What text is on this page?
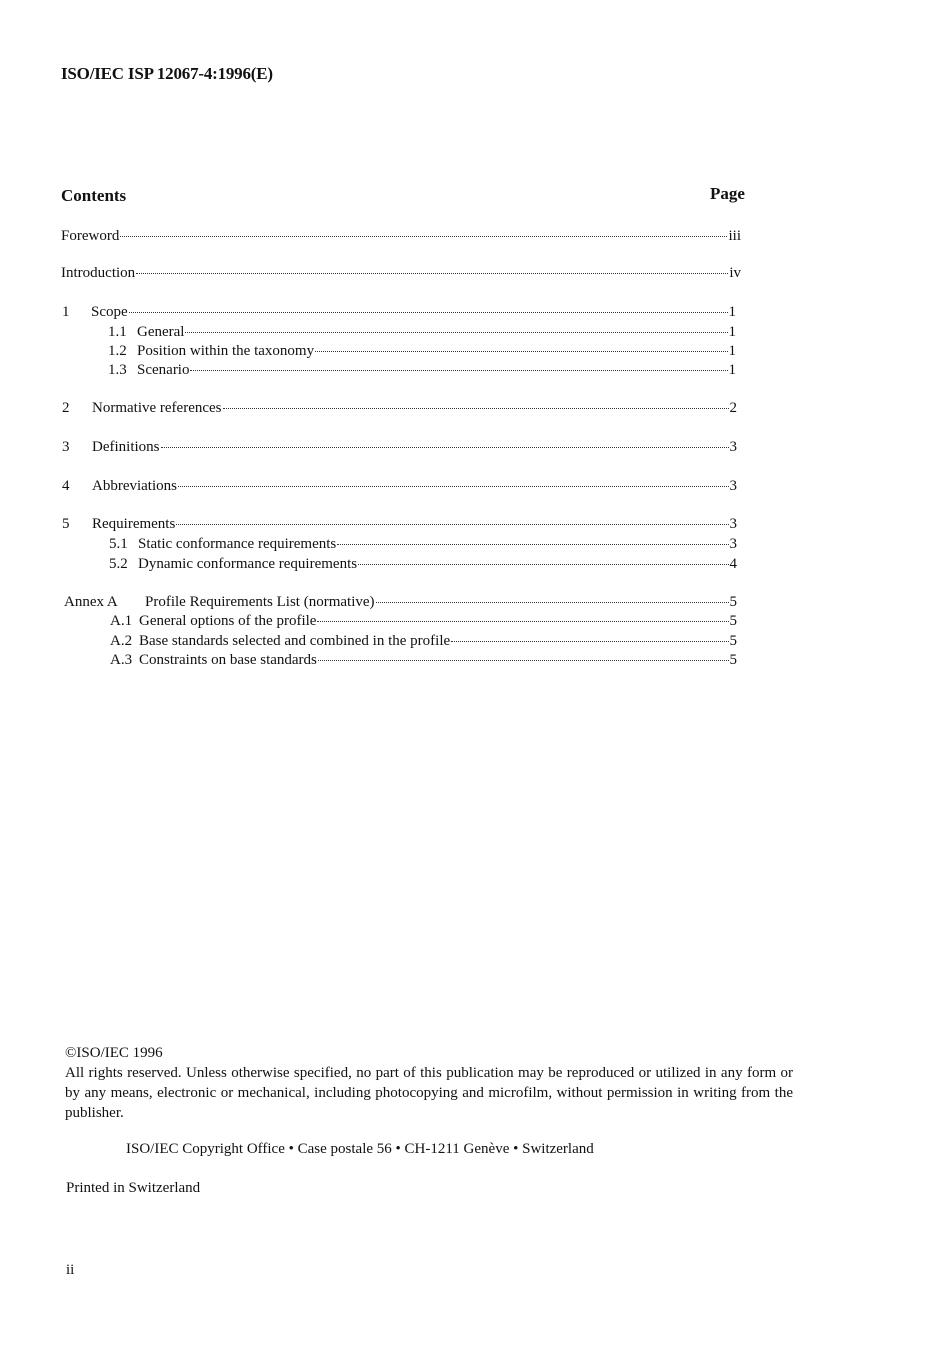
ISO/IEC ISP 12067-4:1996(E)
Contents	Page
Foreword	iii
Introduction	iv
1	Scope	1
1.1 General	1
1.2 Position within the taxonomy	1
1.3 Scenario	1
2	Normative references	2
3	Definitions	3
4	Abbreviations	3
5	Requirements	3
5.1 Static conformance requirements	3
5.2 Dynamic conformance requirements	4
Annex A	Profile Requirements List (normative)	5
A.1 General options of the profile	5
A.2 Base standards selected and combined in the profile	5
A.3 Constraints on base standards	5
©ISO/IEC 1996
All rights reserved. Unless otherwise specified, no part of this publication may be reproduced or utilized in any form or by any means, electronic or mechanical, including photocopying and microfilm, without permission in writing from the publisher.
ISO/IEC Copyright Office • Case postale 56 • CH-1211 Genève • Switzerland
Printed in Switzerland
ii
